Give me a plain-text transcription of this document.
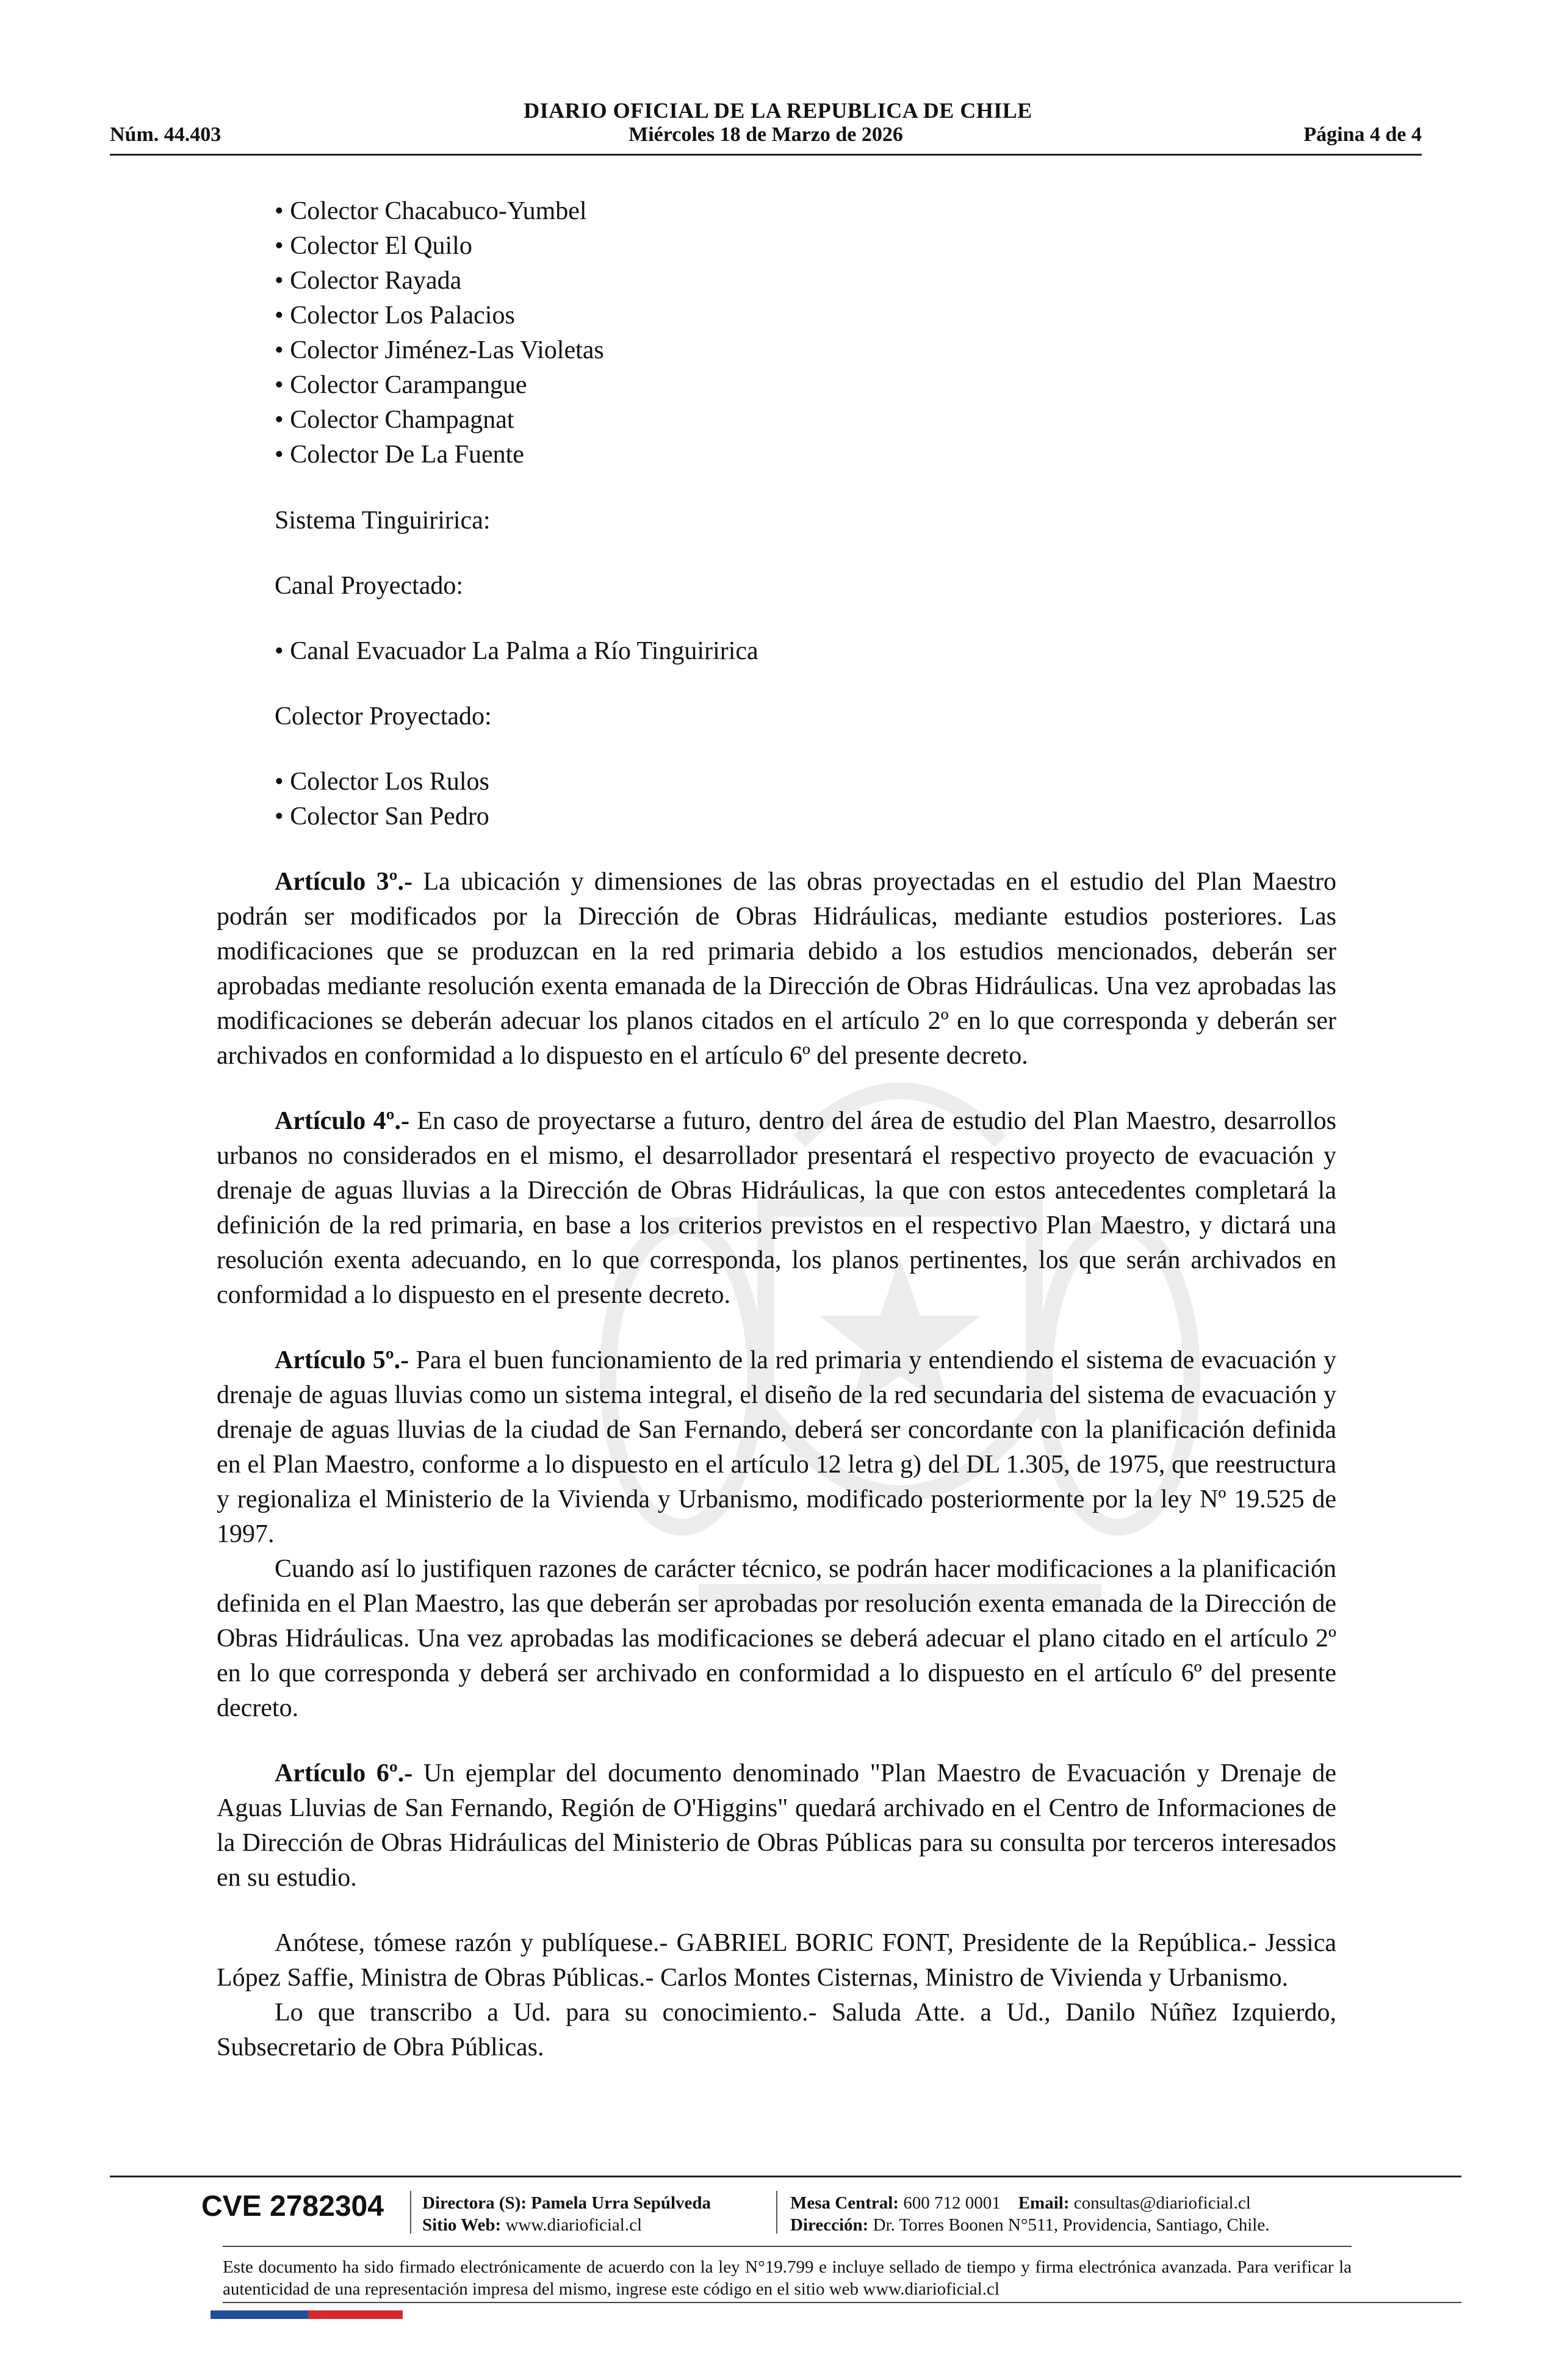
DIARIO OFICIAL DE LA REPUBLICA DE CHILE
Miércoles 18 de Marzo de 2026
Núm. 44.403	Página 4 de 4
• Colector Chacabuco-Yumbel
• Colector El Quilo
• Colector Rayada
• Colector Los Palacios
• Colector Jiménez-Las Violetas
• Colector Carampangue
• Colector Champagnat
• Colector De La Fuente
Sistema Tinguiririca:
Canal Proyectado:
• Canal Evacuador La Palma a Río Tinguiririca
Colector Proyectado:
• Colector Los Rulos
• Colector San Pedro

Artículo 3º.- La ubicación y dimensiones de las obras proyectadas en el estudio del Plan Maestro podrán ser modificados por la Dirección de Obras Hidráulicas, mediante estudios posteriores. Las modificaciones que se produzcan en la red primaria debido a los estudios mencionados, deberán ser aprobadas mediante resolución exenta emanada de la Dirección de Obras Hidráulicas. Una vez aprobadas las modificaciones se deberán adecuar los planos citados en el artículo 2º en lo que corresponda y deberán ser archivados en conformidad a lo dispuesto en el artículo 6º del presente decreto.

Artículo 4º.- En caso de proyectarse a futuro, dentro del área de estudio del Plan Maestro, desarrollos urbanos no considerados en el mismo, el desarrollador presentará el respectivo proyecto de evacuación y drenaje de aguas lluvias a la Dirección de Obras Hidráulicas, la que con estos antecedentes completará la definición de la red primaria, en base a los criterios previstos en el respectivo Plan Maestro, y dictará una resolución exenta adecuando, en lo que corresponda, los planos pertinentes, los que serán archivados en conformidad a lo dispuesto en el presente decreto.

Artículo 5º.- Para el buen funcionamiento de la red primaria y entendiendo el sistema de evacuación y drenaje de aguas lluvias como un sistema integral, el diseño de la red secundaria del sistema de evacuación y drenaje de aguas lluvias de la ciudad de San Fernando, deberá ser concordante con la planificación definida en el Plan Maestro, conforme a lo dispuesto en el artículo 12 letra g) del DL 1.305, de 1975, que reestructura y regionaliza el Ministerio de la Vivienda y Urbanismo, modificado posteriormente por la ley Nº 19.525 de 1997.

Cuando así lo justifiquen razones de carácter técnico, se podrán hacer modificaciones a la planificación definida en el Plan Maestro, las que deberán ser aprobadas por resolución exenta emanada de la Dirección de Obras Hidráulicas. Una vez aprobadas las modificaciones se deberá adecuar el plano citado en el artículo 2º en lo que corresponda y deberá ser archivado en conformidad a lo dispuesto en el artículo 6º del presente decreto.

Artículo 6º.- Un ejemplar del documento denominado "Plan Maestro de Evacuación y Drenaje de Aguas Lluvias de San Fernando, Región de O'Higgins" quedará archivado en el Centro de Informaciones de la Dirección de Obras Hidráulicas del Ministerio de Obras Públicas para su consulta por terceros interesados en su estudio.

Anótese, tómese razón y publíquese.- GABRIEL BORIC FONT, Presidente de la República.- Jessica López Saffie, Ministra de Obras Públicas.- Carlos Montes Cisternas, Ministro de Vivienda y Urbanismo.

Lo que transcribo a Ud. para su conocimiento.- Saluda Atte. a Ud., Danilo Núñez Izquierdo, Subsecretario de Obra Públicas.

CVE 2782304 Directora (S): Pamela Urra Sepúlveda
Sitio Web: www.diarioficial.cl
Mesa Central: 600 712 0001 Email: consultas@diarioficial.cl
Dirección: Dr. Torres Boonen N°511, Providencia, Santiago, Chile.
Este documento ha sido firmado electrónicamente de acuerdo con la ley N°19.799 e incluye sellado de tiempo y firma electrónica avanzada. Para verificar la autenticidad de una representación impresa del mismo, ingrese este código en el sitio web www.diarioficial.cl
